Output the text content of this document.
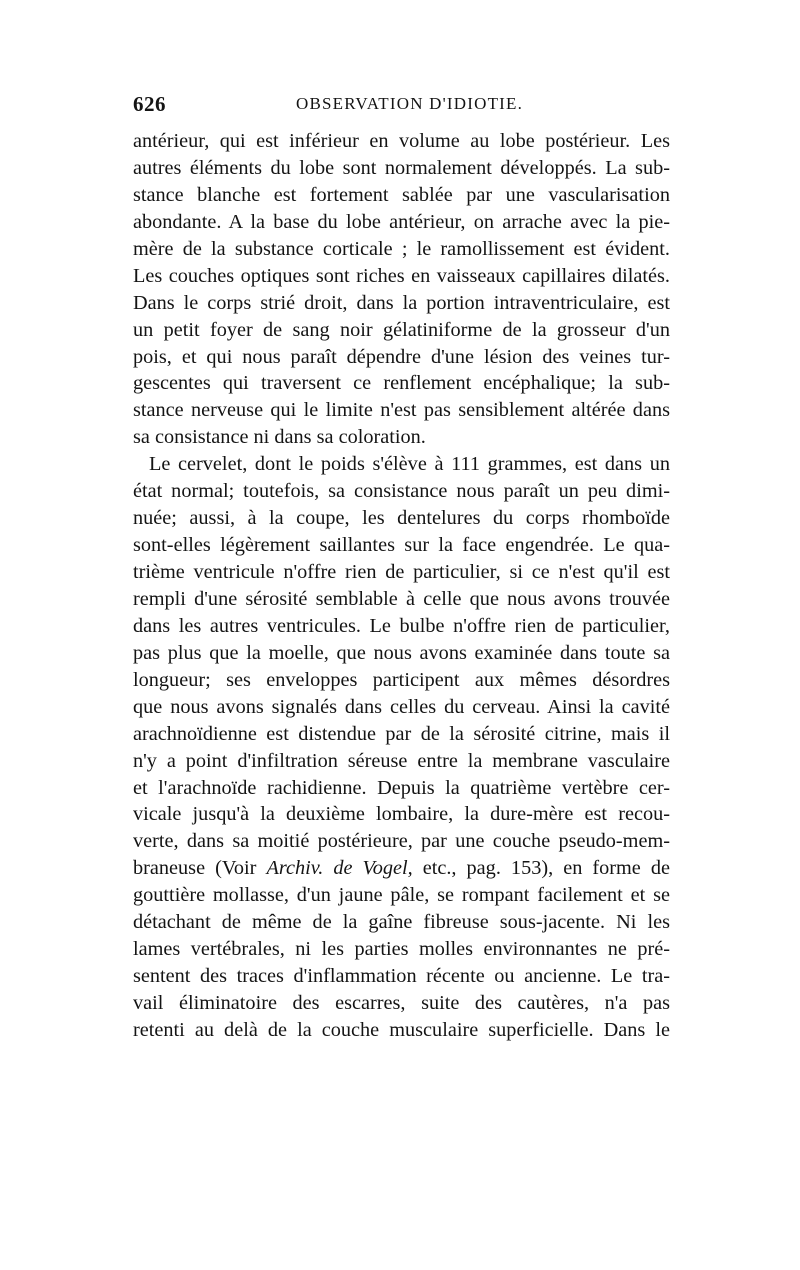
626	OBSERVATION D'IDIOTIE.
antérieur, qui est inférieur en volume au lobe postérieur. Les
autres éléments du lobe sont normalement développés. La sub-
stance blanche est fortement sablée par une vascularisation
abondante. A la base du lobe antérieur, on arrache avec la pie-
mère de la substance corticale ; le ramollissement est évident.
Les couches optiques sont riches en vaisseaux capillaires dilatés.
Dans le corps strié droit, dans la portion intraventriculaire, est
un petit foyer de sang noir gélatiniforme de la grosseur d'un
pois, et qui nous paraît dépendre d'une lésion des veines tur-
gescentes qui traversent ce renflement encéphalique; la sub-
stance nerveuse qui le limite n'est pas sensiblement altérée dans
sa consistance ni dans sa coloration.
Le cervelet, dont le poids s'élève à 111 grammes, est dans un
état normal; toutefois, sa consistance nous paraît un peu dimi-
nuée; aussi, à la coupe, les dentelures du corps rhomboïde
sont-elles légèrement saillantes sur la face engendrée. Le qua-
trième ventricule n'offre rien de particulier, si ce n'est qu'il est
rempli d'une sérosité semblable à celle que nous avons trouvée
dans les autres ventricules. Le bulbe n'offre rien de particulier,
pas plus que la moelle, que nous avons examinée dans toute sa
longueur; ses enveloppes participent aux mêmes désordres
que nous avons signalés dans celles du cerveau. Ainsi la cavité
arachnoïdienne est distendue par de la sérosité citrine, mais il
n'y a point d'infiltration séreuse entre la membrane vasculaire
et l'arachnoïde rachidienne. Depuis la quatrième vertèbre cer-
vicale jusqu'à la deuxième lombaire, la dure-mère est recou-
verte, dans sa moitié postérieure, par une couche pseudo-mem-
braneuse (Voir Archiv. de Vogel, etc., pag. 153), en forme de
gouttière mollasse, d'un jaune pâle, se rompant facilement et se
détachant de même de la gaîne fibreuse sous-jacente. Ni les
lames vertébrales, ni les parties molles environnantes ne pré-
sentent des traces d'inflammation récente ou ancienne. Le tra-
vail éliminatoire des escarres, suite des cautères, n'a pas
retenti au delà de la couche musculaire superficielle. Dans le
